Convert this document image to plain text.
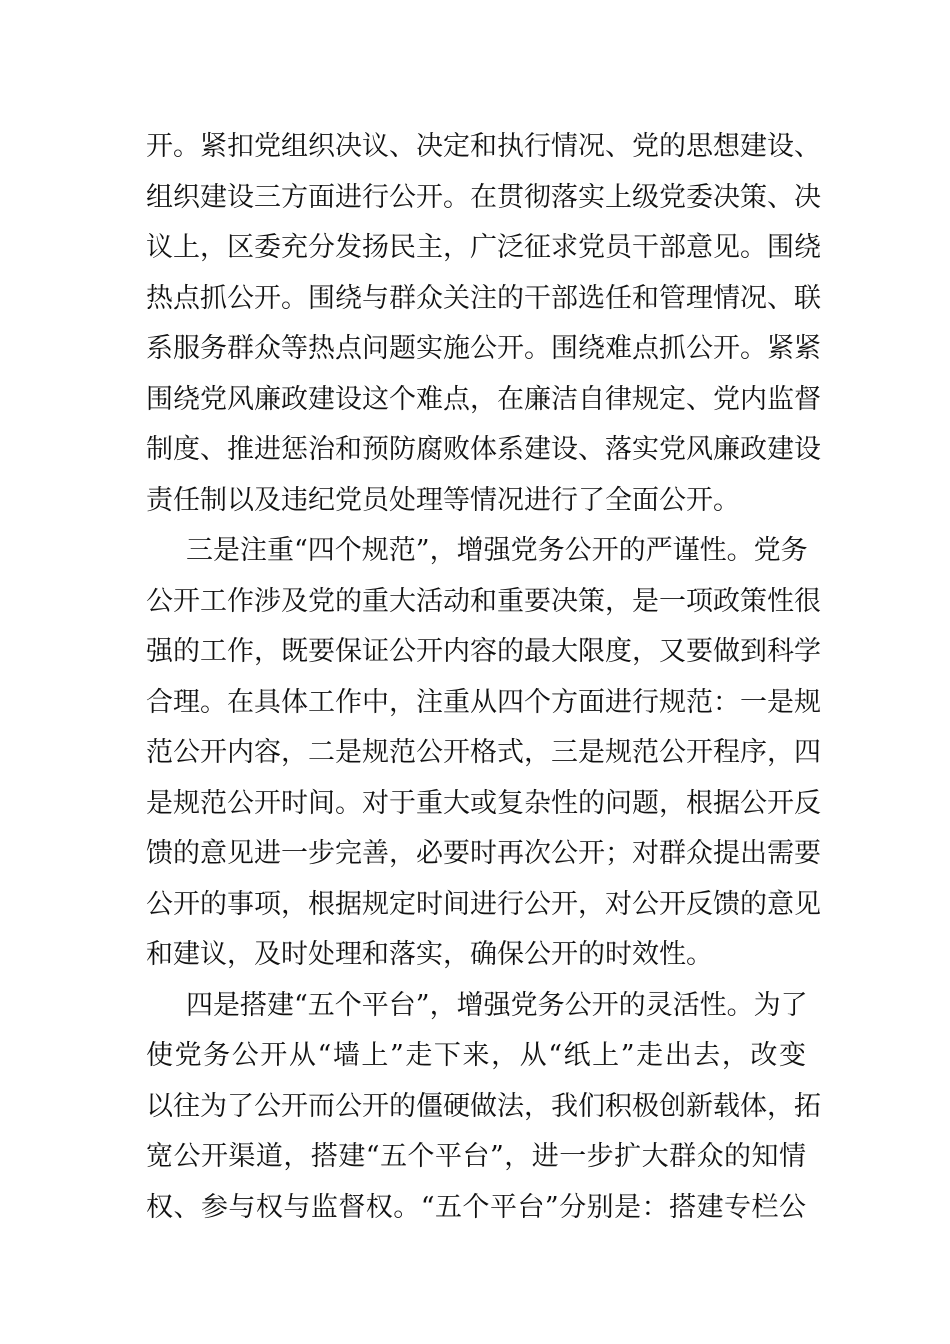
开。紧扣党组织决议、决定和执行情况、党的思想建设、
组织建设三方面进行公开。在贯彻落实上级党委决策、决
议上，区委充分发扬民主，广泛征求党员干部意见。围绕
热点抓公开。围绕与群众关注的干部选任和管理情况、联
系服务群众等热点问题实施公开。围绕难点抓公开。紧紧
围绕党风廉政建设这个难点，在廉洁自律规定、党内监督
制度、推进惩治和预防腐败体系建设、落实党风廉政建设
责任制以及违纪党员处理等情况进行了全面公开。
三是注重“四个规范”，增强党务公开的严谨性。党务
公开工作涉及党的重大活动和重要决策，是一项政策性很
强的工作，既要保证公开内容的最大限度，又要做到科学
合理。在具体工作中，注重从四个方面进行规范：一是规
范公开内容，二是规范公开格式，三是规范公开程序，四
是规范公开时间。对于重大或复杂性的问题，根据公开反
馈的意见进一步完善，必要时再次公开；对群众提出需要
公开的事项，根据规定时间进行公开，对公开反馈的意见
和建议，及时处理和落实，确保公开的时效性。
四是搭建“五个平台”，增强党务公开的灵活性。为了
使党务公开从“墙上”走下来，从“纸上”走出去，改变
以往为了公开而公开的僵硬做法，我们积极创新载体，拓
宽公开渠道，搭建“五个平台”，进一步扩大群众的知情
权、参与权与监督权。“五个平台”分别是：搭建专栏公
